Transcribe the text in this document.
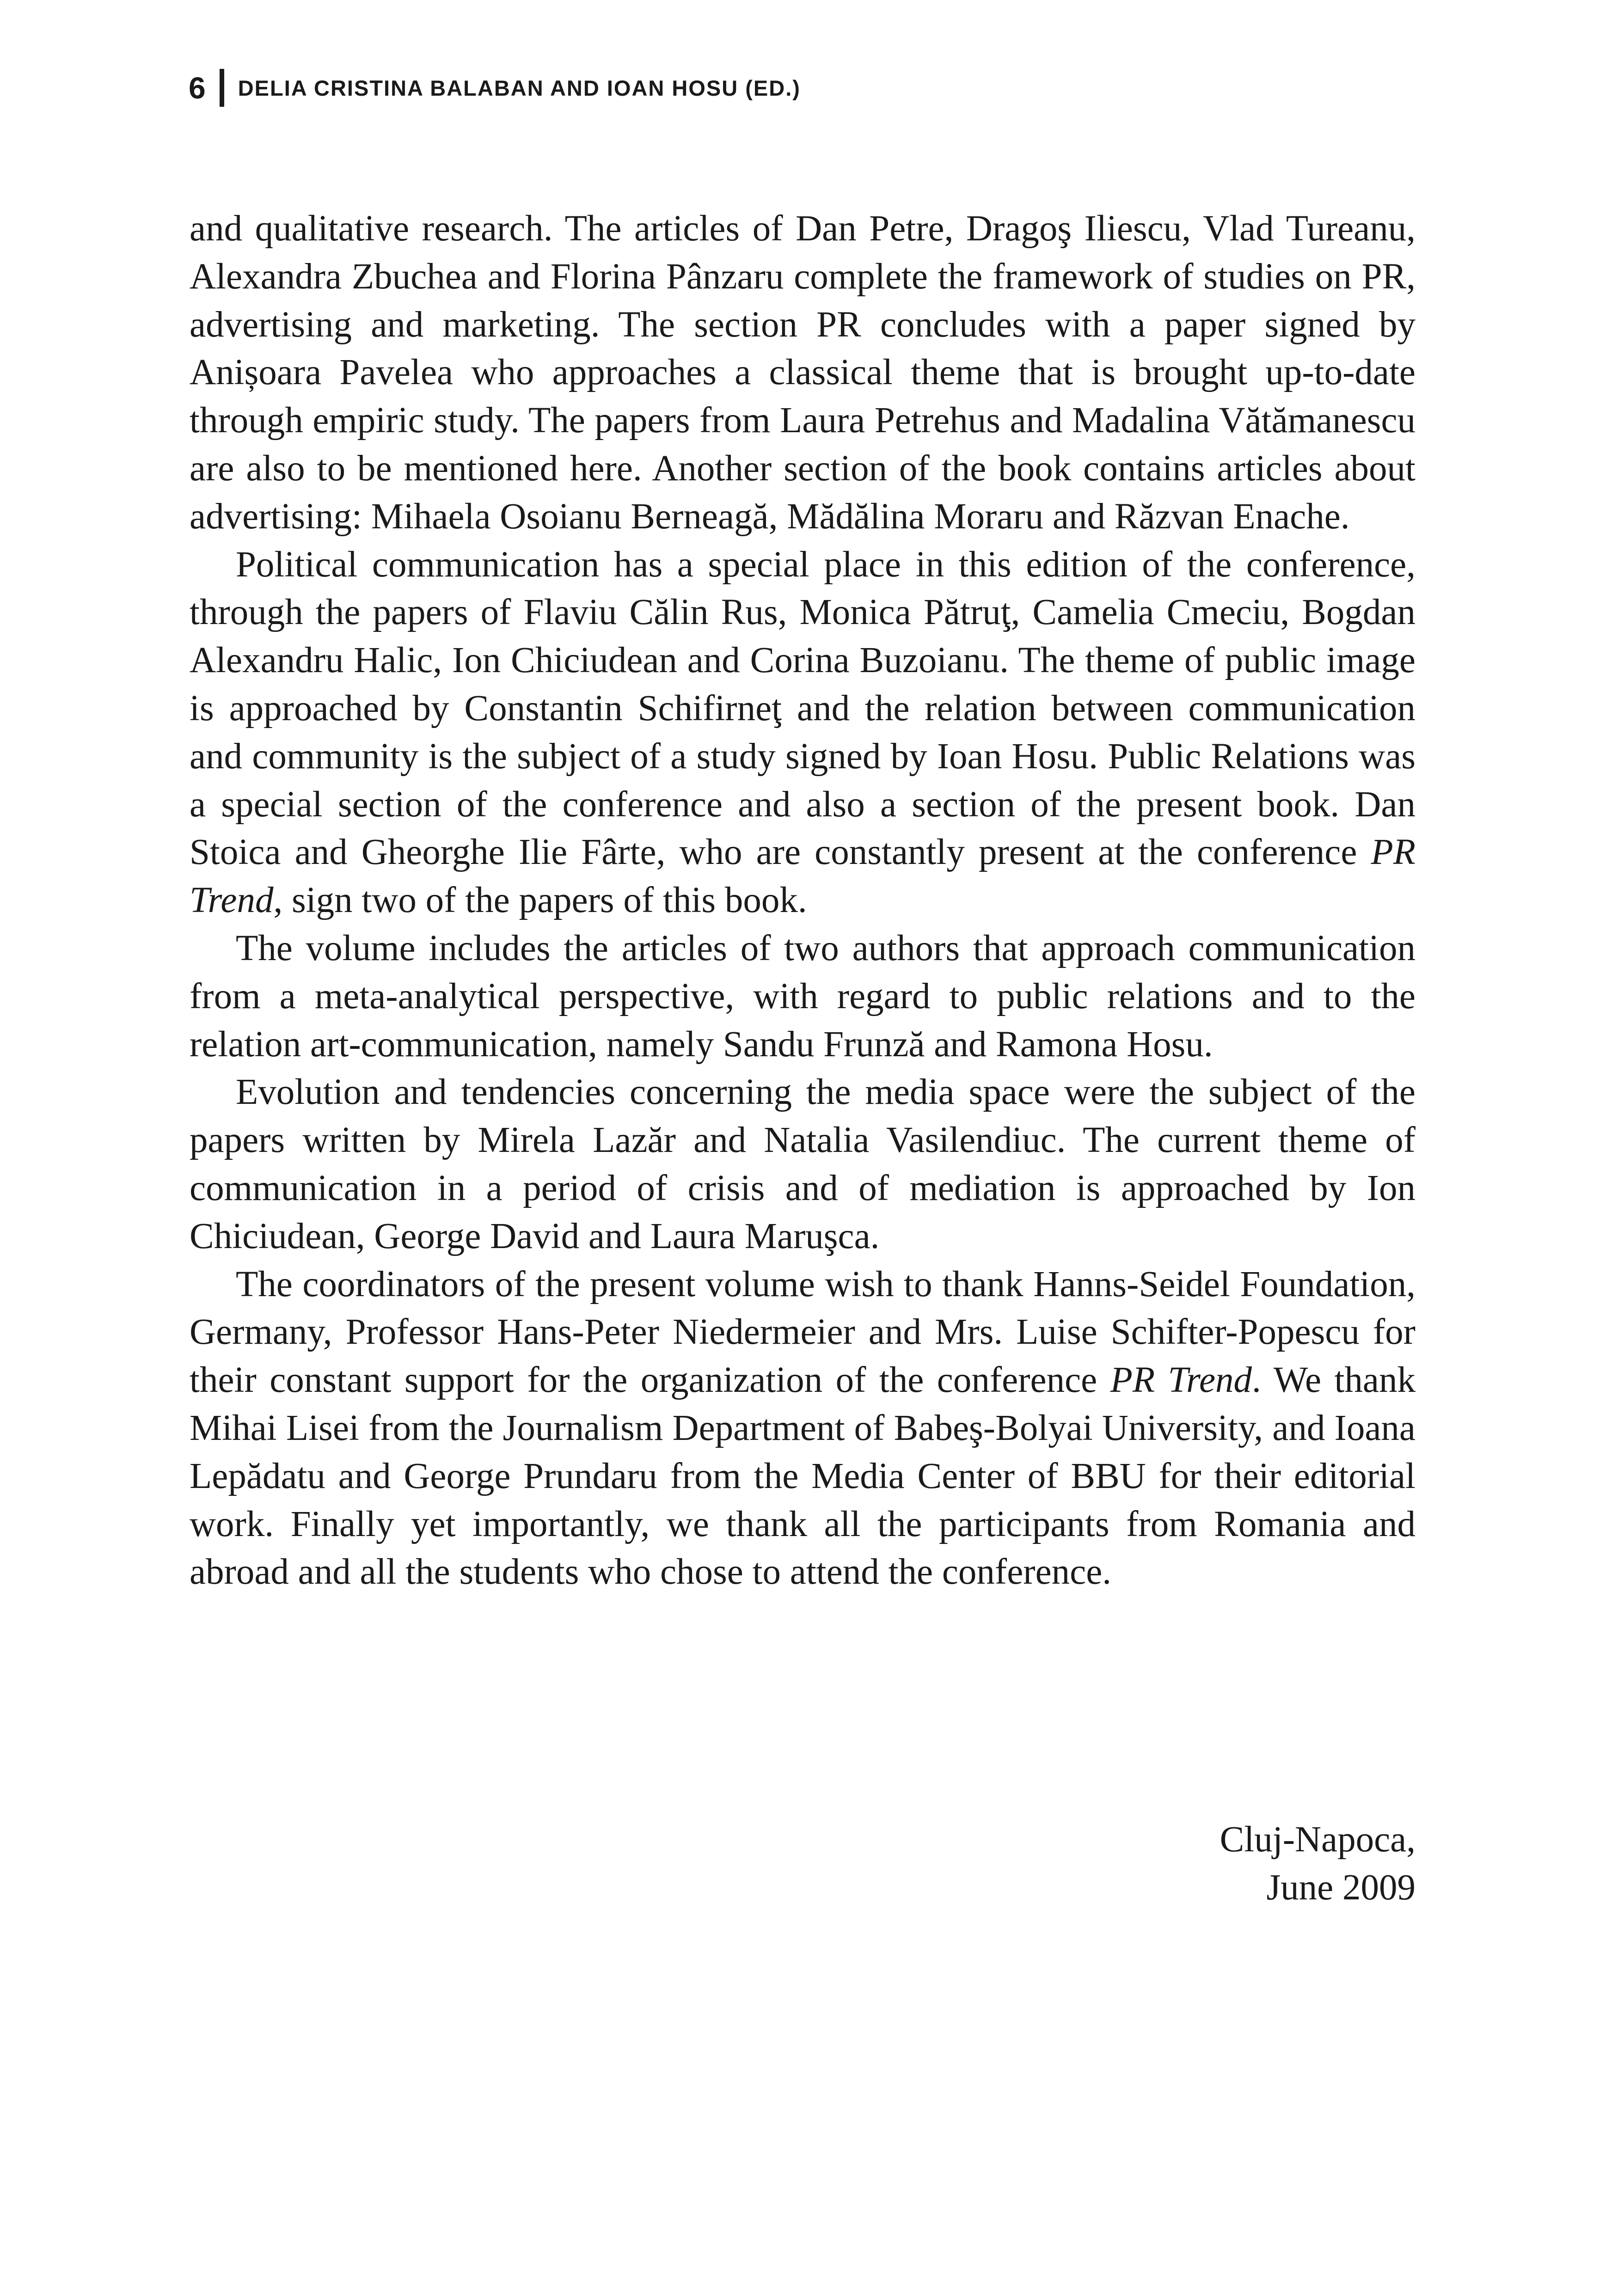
6 DELIA CRISTINA BALABAN AND IOAN HOSU (ED.)

and qualitative research. The articles of Dan Petre, Dragoş Iliescu, Vlad Tureanu, Alexandra Zbuchea and Florina Pânzaru complete the framework of studies on PR, advertising and marketing. The section PR concludes with a paper signed by Anișoara Pavelea who approaches a classical theme that is brought up-to-date through empiric study. The papers from Laura Petrehus and Madalina Vătămanescu are also to be mentioned here. Another section of the book contains articles about advertising: Mihaela Osoianu Berneagă, Mădălina Moraru and Răzvan Enache.

Political communication has a special place in this edition of the conference, through the papers of Flaviu Călin Rus, Monica Pătruţ, Camelia Cmeciu, Bogdan Alexandru Halic, Ion Chiciudean and Corina Buzoianu. The theme of public image is approached by Constantin Schifirneţ and the relation between communication and community is the subject of a study signed by Ioan Hosu. Public Relations was a special section of the conference and also a section of the present book. Dan Stoica and Gheorghe Ilie Fârte, who are constantly present at the conference PR Trend, sign two of the papers of this book.

The volume includes the articles of two authors that approach communication from a meta-analytical perspective, with regard to public relations and to the relation art-communication, namely Sandu Frunză and Ramona Hosu.

Evolution and tendencies concerning the media space were the subject of the papers written by Mirela Lazăr and Natalia Vasilendiuc. The current theme of communication in a period of crisis and of mediation is approached by Ion Chiciudean, George David and Laura Maruşca.

The coordinators of the present volume wish to thank Hanns-Seidel Foundation, Germany, Professor Hans-Peter Niedermeier and Mrs. Luise Schifter-Popescu for their constant support for the organization of the conference PR Trend. We thank Mihai Lisei from the Journalism Department of Babeş-Bolyai University, and Ioana Lepădatu and George Prundaru from the Media Center of BBU for their editorial work. Finally yet importantly, we thank all the participants from Romania and abroad and all the students who chose to attend the conference.

Cluj-Napoca,
June 2009
